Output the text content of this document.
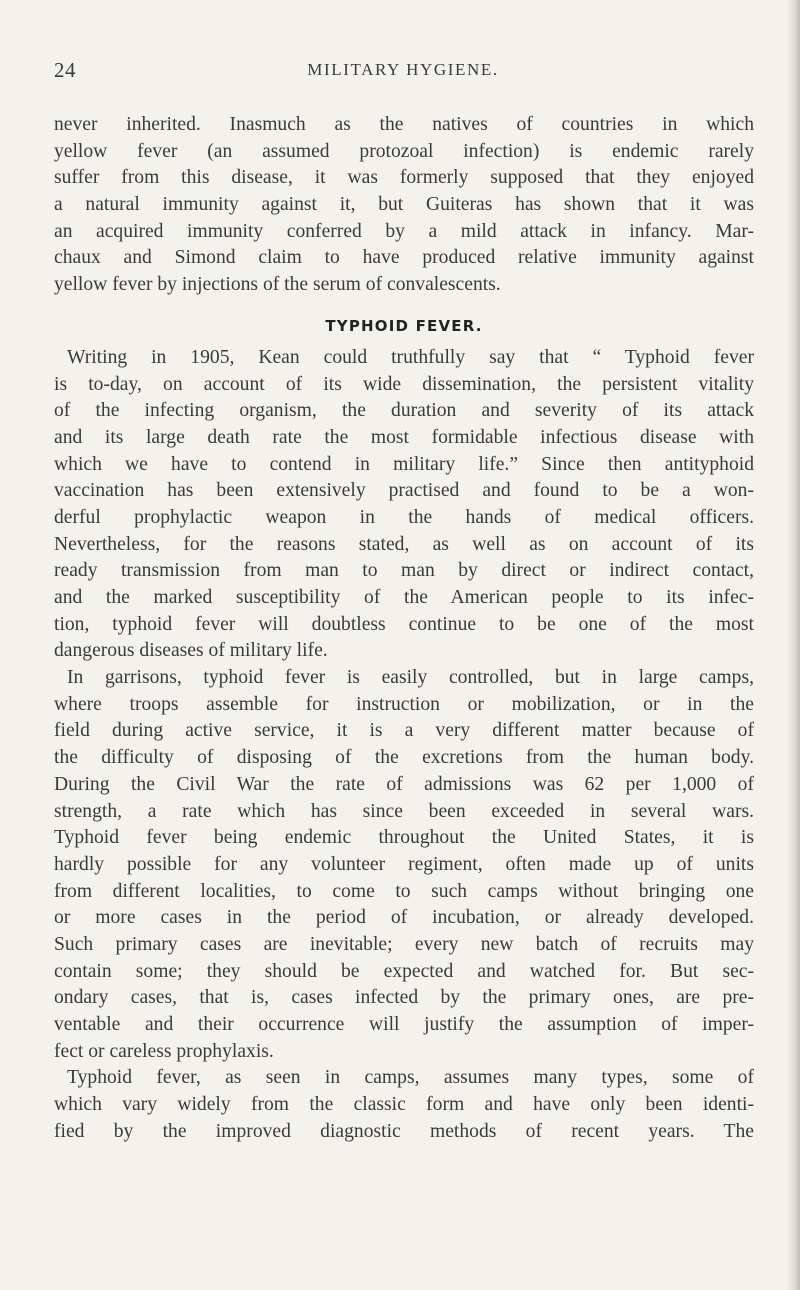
24	MILITARY HYGIENE.
never inherited. Inasmuch as the natives of countries in which
yellow fever (an assumed protozoal infection) is endemic rarely
suffer from this disease, it was formerly supposed that they enjoyed
a natural immunity against it, but Guiteras has shown that it was
an acquired immunity conferred by a mild attack in infancy. Mar-
chaux and Simond claim to have produced relative immunity against
yellow fever by injections of the serum of convalescents.
TYPHOID FEVER.
Writing in 1905, Kean could truthfully say that “ Typhoid fever
is to-day, on account of its wide dissemination, the persistent vitality
of the infecting organism, the duration and severity of its attack
and its large death rate the most formidable infectious disease with
which we have to contend in military life.” Since then antityphoid
vaccination has been extensively practised and found to be a won-
derful prophylactic weapon in the hands of medical officers.
Nevertheless, for the reasons stated, as well as on account of its
ready transmission from man to man by direct or indirect contact,
and the marked susceptibility of the American people to its infec-
tion, typhoid fever will doubtless continue to be one of the most
dangerous diseases of military life.
In garrisons, typhoid fever is easily controlled, but in large camps,
where troops assemble for instruction or mobilization, or in the
field during active service, it is a very different matter because of
the difficulty of disposing of the excretions from the human body.
During the Civil War the rate of admissions was 62 per 1,000 of
strength, a rate which has since been exceeded in several wars.
Typhoid fever being endemic throughout the United States, it is
hardly possible for any volunteer regiment, often made up of units
from different localities, to come to such camps without bringing one
or more cases in the period of incubation, or already developed.
Such primary cases are inevitable; every new batch of recruits may
contain some; they should be expected and watched for. But sec-
ondary cases, that is, cases infected by the primary ones, are pre-
ventable and their occurrence will justify the assumption of imper-
fect or careless prophylaxis.
Typhoid fever, as seen in camps, assumes many types, some of
which vary widely from the classic form and have only been identi-
fied by the improved diagnostic methods of recent years. The
